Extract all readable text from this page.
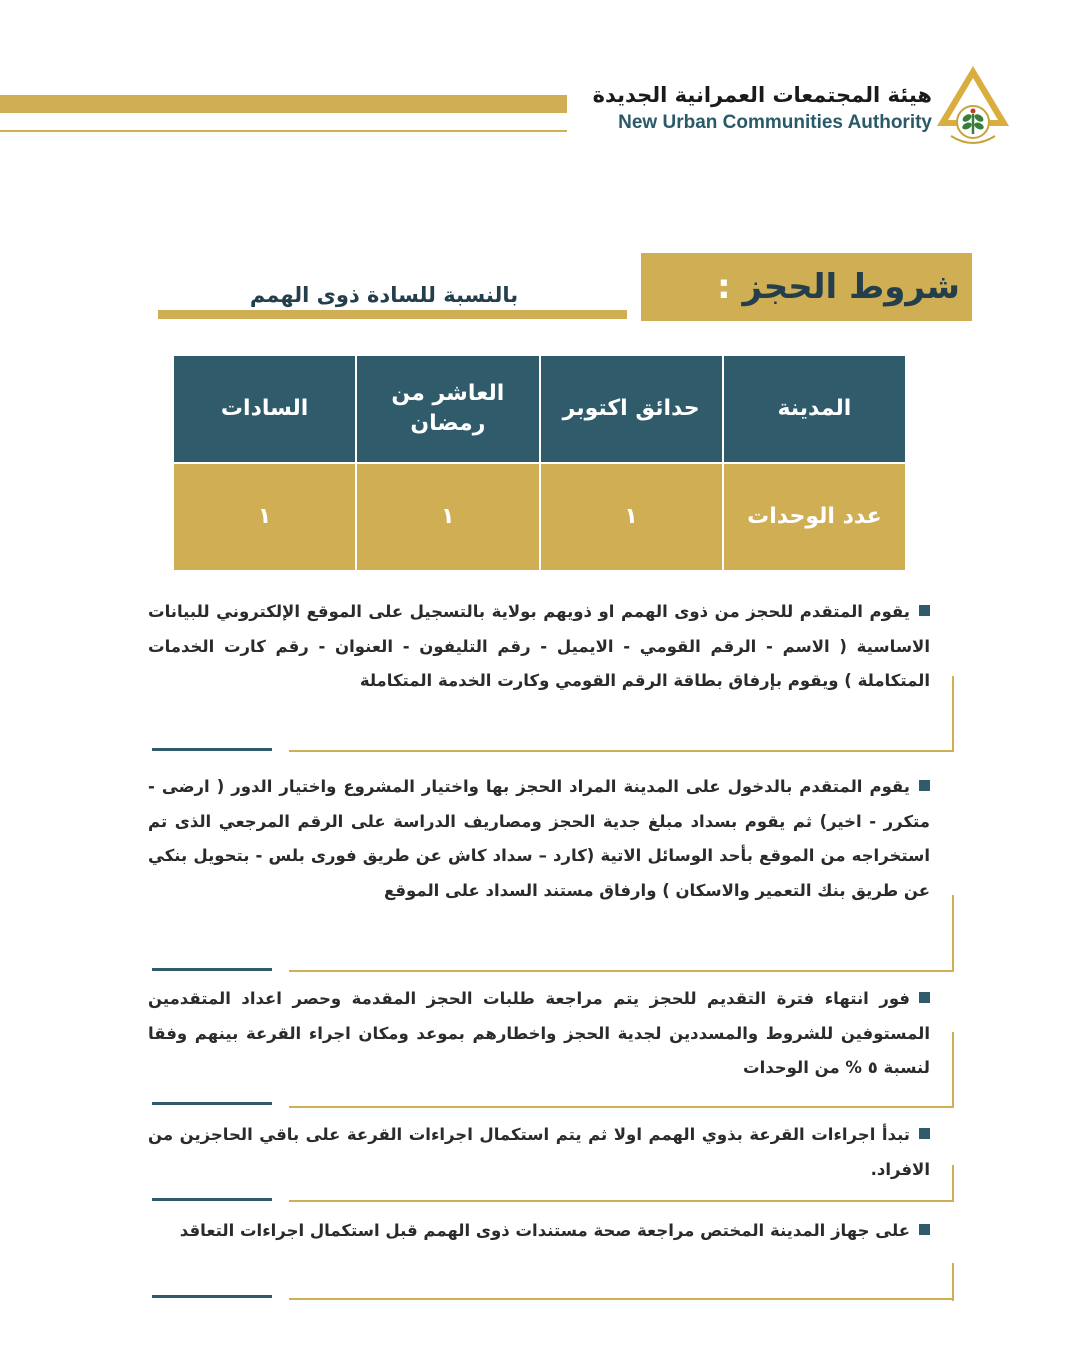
هيئة المجتمعات العمرانية الجديدة
New Urban Communities Authority
شروط الحجز
:
بالنسبة للسادة ذوى الهمم
المدينة	حدائق اكتوبر	العاشر من رمضان	السادات
عدد الوحدات	١	١	١
يقوم المتقدم للحجز من ذوى الهمم او ذويهم بولاية بالتسجيل على الموقع الإلكتروني للبيانات الاساسية ( الاسم - الرقم القومي - الايميل - رقم التليفون - العنوان - رقم كارت الخدمات المتكاملة ) ويقوم بإرفاق بطاقة الرقم القومي وكارت الخدمة المتكاملة
يقوم المتقدم بالدخول على المدينة المراد الحجز بها واختيار المشروع واختيار الدور ( ارضى - متكرر - اخير) ثم يقوم بسداد مبلغ جدية الحجز ومصاريف الدراسة على الرقم المرجعي الذى تم استخراجه من الموقع بأحد الوسائل الاتية (كارد – سداد كاش عن طريق فورى بلس - بتحويل بنكي عن طريق بنك التعمير والاسكان ) وارفاق مستند السداد على الموقع
فور انتهاء فترة التقديم للحجز يتم مراجعة طلبات الحجز المقدمة وحصر اعداد المتقدمين المستوفين للشروط والمسددين لجدية الحجز واخطارهم بموعد ومكان اجراء القرعة بينهم وفقا لنسبة ٥ % من الوحدات
تبدأ اجراءات القرعة بذوي الهمم اولا ثم يتم استكمال اجراءات القرعة على باقي الحاجزين من الافراد.
على جهاز المدينة المختص مراجعة صحة مستندات ذوى الهمم قبل استكمال اجراءات التعاقد
